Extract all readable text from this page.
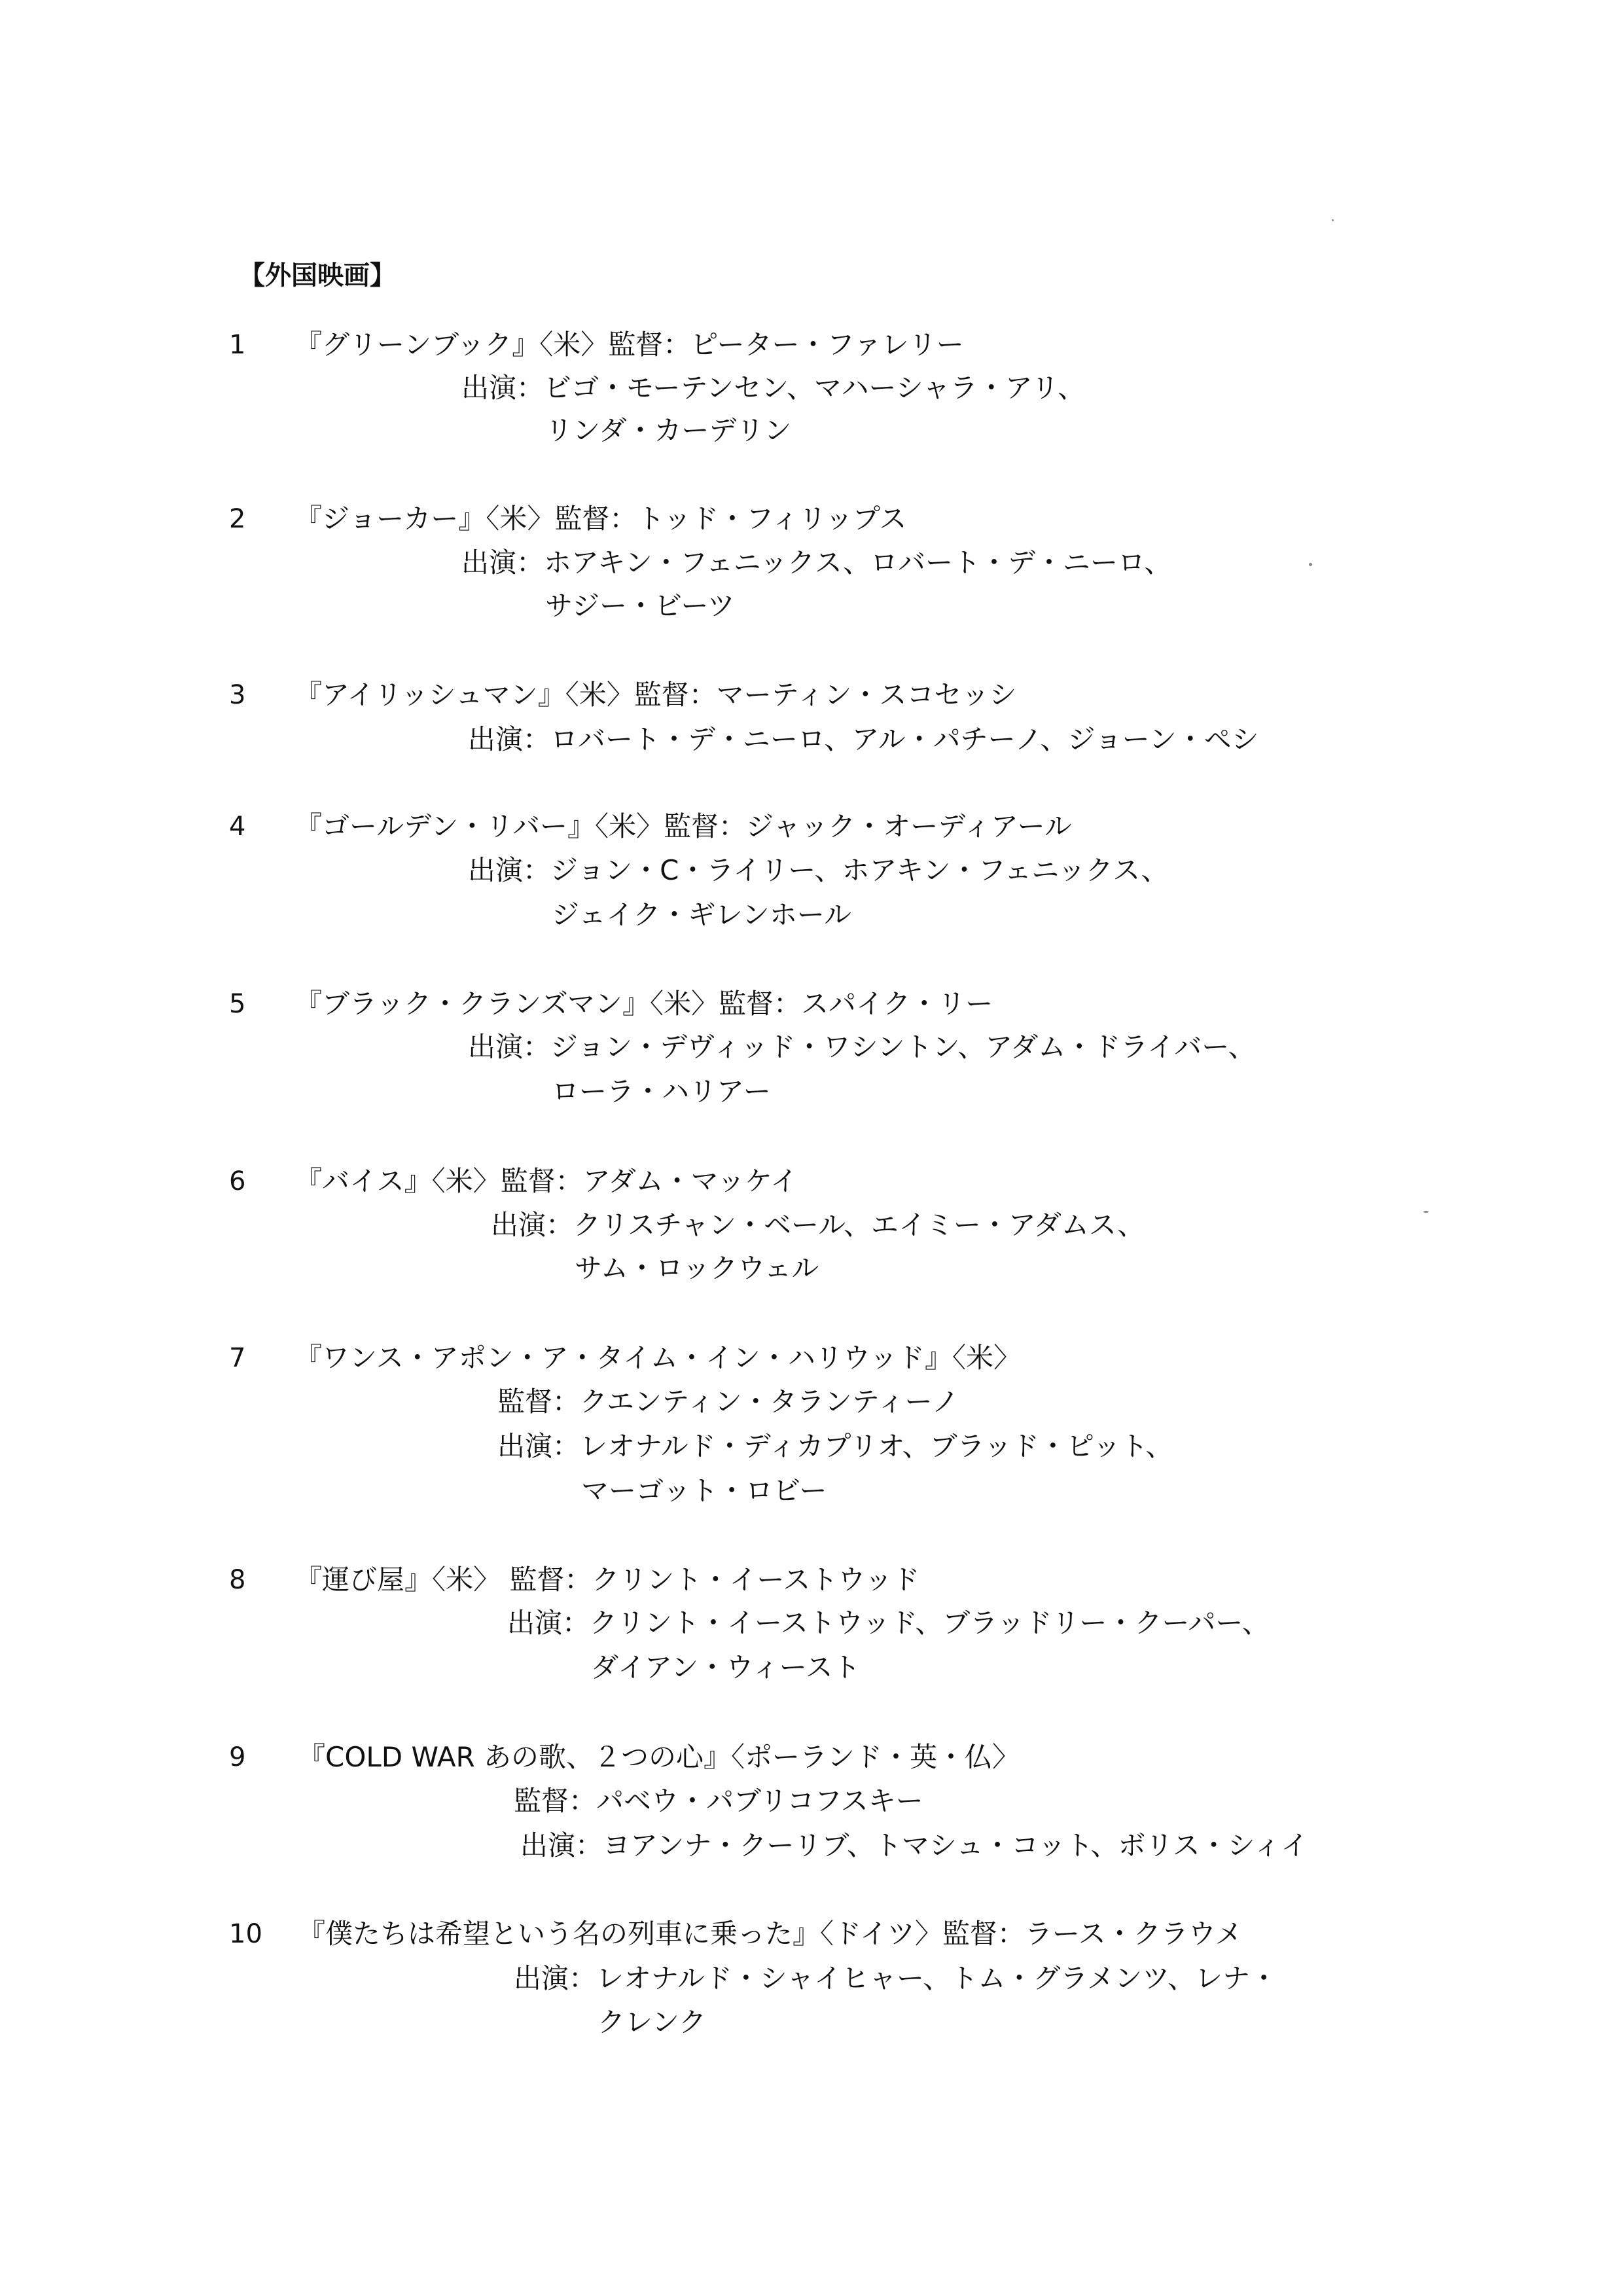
【外国映画】
1	『グリーンブック』〈米〉監督：ピーター・ファレリー
出演：ビゴ・モーテンセン、マハーシャラ・アリ、
リンダ・カーデリン
2	『ジョーカー』〈米〉監督：トッド・フィリップス
出演：ホアキン・フェニックス、ロバート・デ・ニーロ、
サジー・ビーツ
3	『アイリッシュマン』〈米〉監督：マーティン・スコセッシ
出演：ロバート・デ・ニーロ、アル・パチーノ、ジョーン・ペシ
4	『ゴールデン・リバー』〈米〉監督：ジャック・オーディアール
出演：ジョン・C・ライリー、ホアキン・フェニックス、
ジェイク・ギレンホール
5	『ブラック・クランズマン』〈米〉監督：スパイク・リー
出演：ジョン・デヴィッド・ワシントン、アダム・ドライバー、
ローラ・ハリアー
6	『バイス』〈米〉監督：アダム・マッケイ
出演：クリスチャン・ベール、エイミー・アダムス、
サム・ロックウェル
7	『ワンス・アポン・ア・タイム・イン・ハリウッド』〈米〉
監督：クエンティン・タランティーノ
出演：レオナルド・ディカプリオ、ブラッド・ピット、
マーゴット・ロビー
8	『運び屋』〈米〉 監督：クリント・イーストウッド
出演：クリント・イーストウッド、ブラッドリー・クーパー、
ダイアン・ウィースト
9	『COLD WAR あの歌、２つの心』〈ポーランド・英・仏〉
監督：パベウ・パブリコフスキー
出演：ヨアンナ・クーリブ、トマシュ・コット、ボリス・シィイ
10 『僕たちは希望という名の列車に乗った』〈ドイツ〉監督：ラース・クラウメ
出演：レオナルド・シャイヒャー、トム・グラメンツ、レナ・
クレンク
